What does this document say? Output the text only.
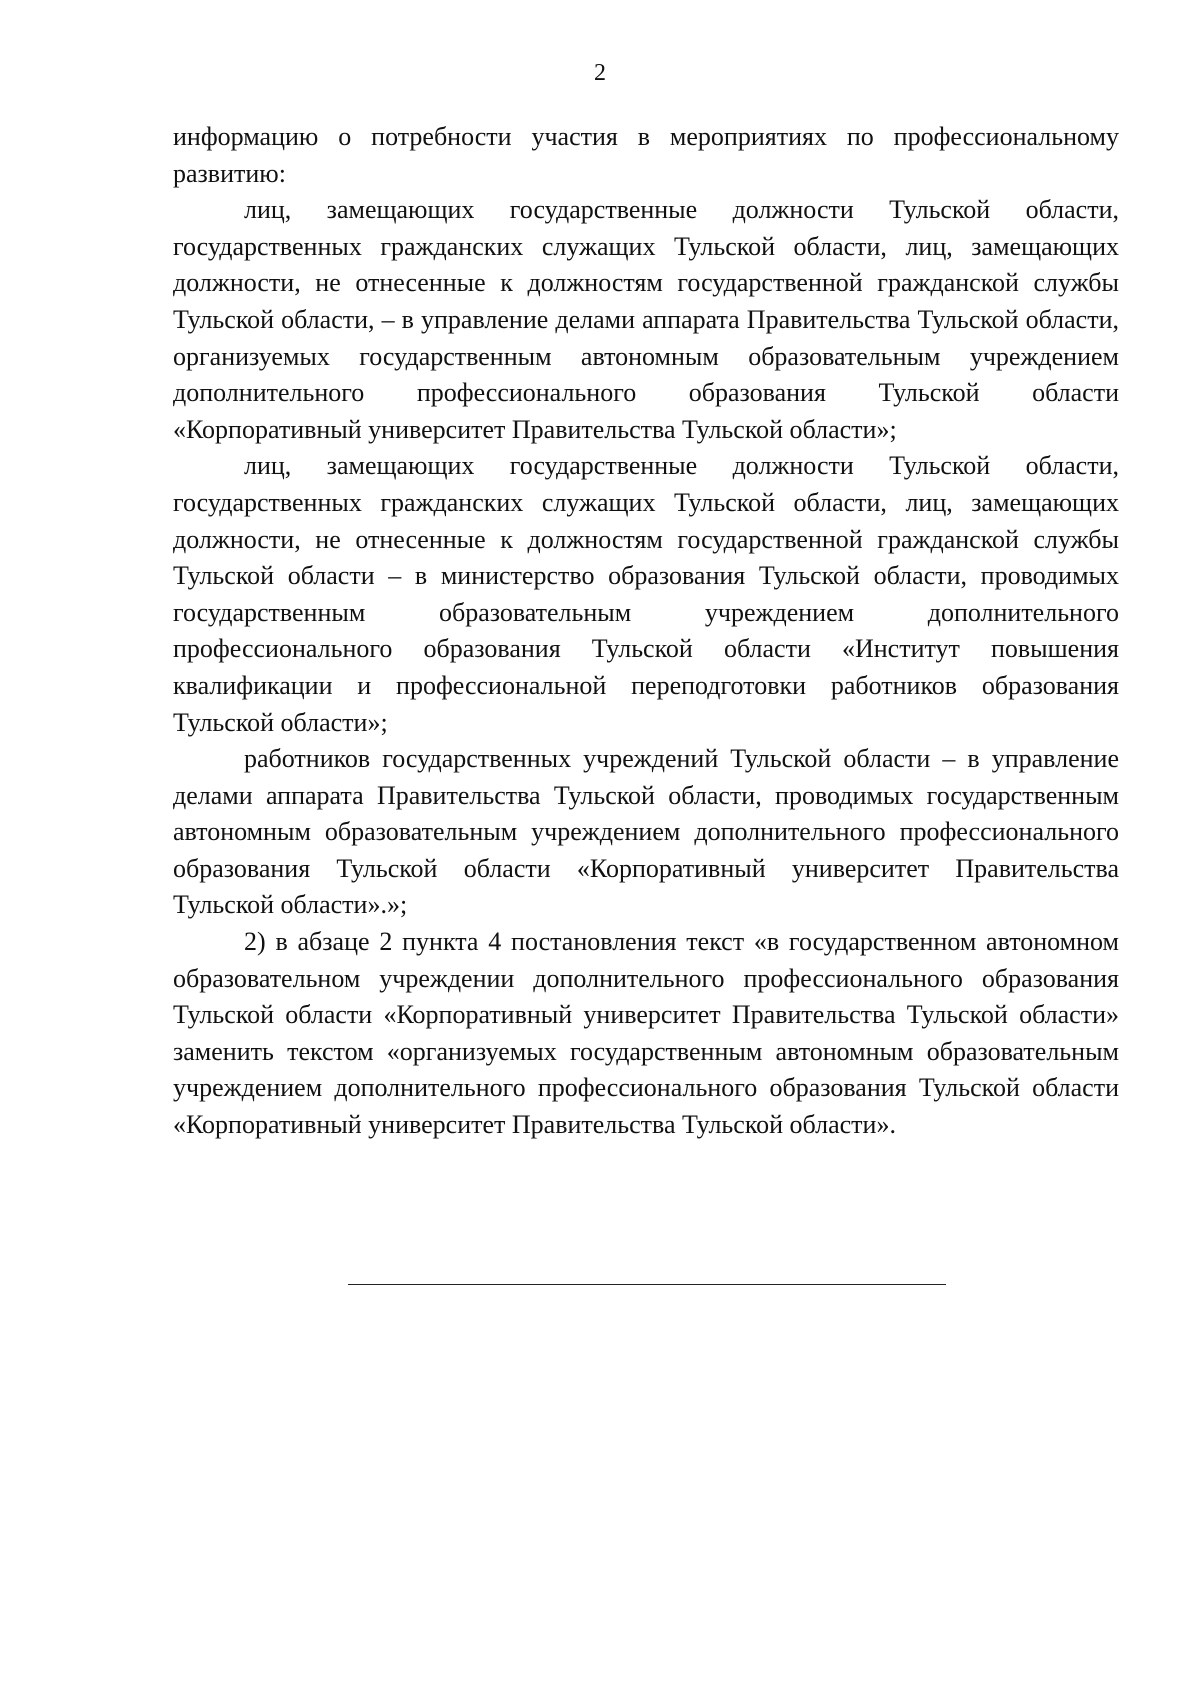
2

информацию о потребности участия в мероприятиях по профессиональному развитию:

лиц, замещающих государственные должности Тульской области, государственных гражданских служащих Тульской области, лиц, замещающих должности, не отнесенные к должностям государственной гражданской службы Тульской области, – в управление делами аппарата Правительства Тульской области, организуемых государственным автономным образовательным учреждением дополнительного профессионального образования Тульской области «Корпоративный университет Правительства Тульской области»;

лиц, замещающих государственные должности Тульской области, государственных гражданских служащих Тульской области, лиц, замещающих должности, не отнесенные к должностям государственной гражданской службы Тульской области – в министерство образования Тульской области, проводимых государственным образовательным учреждением дополнительного профессионального образования Тульской области «Институт повышения квалификации и профессиональной переподготовки работников образования Тульской области»;

работников государственных учреждений Тульской области – в управление делами аппарата Правительства Тульской области, проводимых государственным автономным образовательным учреждением дополнительного профессионального образования Тульской области «Корпоративный университет Правительства Тульской области».»;

2) в абзаце 2 пункта 4 постановления текст «в государственном автономном образовательном учреждении дополнительного профессионального образования Тульской области «Корпоративный университет Правительства Тульской области» заменить текстом «организуемых государственным автономным образовательным учреждением дополнительного профессионального образования Тульской области «Корпоративный университет Правительства Тульской области».
